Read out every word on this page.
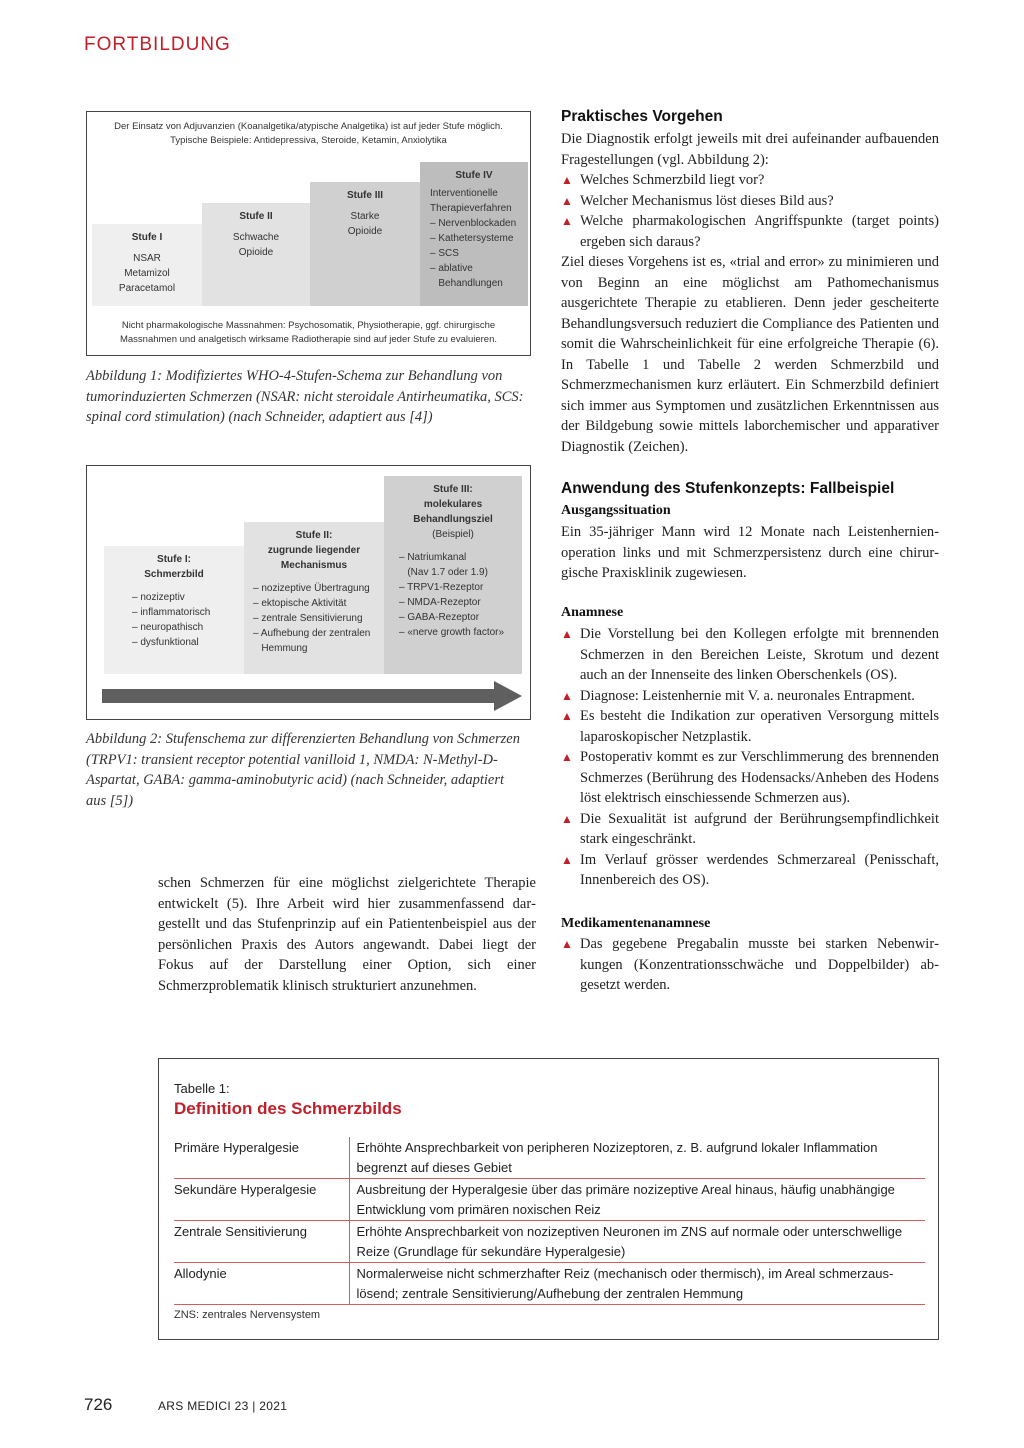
FORTBILDUNG
Der Einsatz von Adjuvanzien (Koanalgetika/atypische Analgetika) ist auf jeder Stufe möglich.
Typische Beispiele: Antidepressiva, Steroide, Ketamin, Anxiolytika
Stufe I
NSAR
Metamizol
Paracetamol
Stufe II
Schwache
Opioide
Stufe III
Starke
Opioide
Stufe IV
Interventionelle
Therapieverfahren
– Nervenblockaden
– Kathetersysteme
– SCS
– ablative
Behandlungen
Nicht pharmakologische Massnahmen: Psychosomatik, Physiotherapie, ggf. chirurgische
Massnahmen und analgetisch wirksame Radiotherapie sind auf jeder Stufe zu evaluieren.
Abbildung 1: Modifiziertes WHO-4-Stufen-Schema zur Behandlung von tumorinduzierten Schmerzen (NSAR: nicht steroidale Antirheumatika, SCS: spinal cord stimulation) (nach Schneider, adaptiert aus [4])
Stufe I:
Schmerzbild
– nozizeptiv
– inflammatorisch
– neuropathisch
– dysfunktional
Stufe II:
zugrunde liegender
Mechanismus
– nozizeptive Übertragung
– ektopische Aktivität
– zentrale Sensitivierung
– Aufhebung der zentralen
Hemmung
Stufe III:
molekulares
Behandlungsziel
(Beispiel)
– Natriumkanal
(Nav 1.7 oder 1.9)
– TRPV1-Rezeptor
– NMDA-Rezeptor
– GABA-Rezeptor
– «nerve growth factor»
Abbildung 2: Stufenschema zur differenzierten Behandlung von Schmerzen (TRPV1: transient receptor potential vanilloid 1, NMDA: N-Methyl-D-Aspartat, GABA: gamma-aminobutyric acid) (nach Schneider, adaptiert aus [5])
schen Schmerzen für eine möglichst zielgerichtete Therapie entwickelt (5). Ihre Arbeit wird hier zusammenfassend dargestellt und das Stufenprinzip auf ein Patientenbeispiel aus der persönlichen Praxis des Autors angewandt. Dabei liegt der Fokus auf der Darstellung einer Option, sich einer Schmerzproblematik klinisch strukturiert anzunehmen.
Praktisches Vorgehen
Die Diagnostik erfolgt jeweils mit drei aufeinander aufbauenden Fragestellungen (vgl. Abbildung 2):
▲ Welches Schmerzbild liegt vor?
▲ Welcher Mechanismus löst dieses Bild aus?
▲ Welche pharmakologischen Angriffspunkte (target points) ergeben sich daraus?
Ziel dieses Vorgehens ist es, «trial and error» zu minimieren und von Beginn an eine möglichst am Pathomechanismus ausgerichtete Therapie zu etablieren. Denn jeder gescheiterte Behandlungsversuch reduziert die Compliance des Patienten und somit die Wahrscheinlichkeit für eine erfolgreiche Therapie (6). In Tabelle 1 und Tabelle 2 werden Schmerzbild und Schmerzmechanismen kurz erläutert. Ein Schmerzbild definiert sich immer aus Symptomen und zusätzlichen Erkenntnissen aus der Bildgebung sowie mittels laborchemischer und apparativer Diagnostik (Zeichen).
Anwendung des Stufenkonzepts: Fallbeispiel
Ausgangssituation
Ein 35-jähriger Mann wird 12 Monate nach Leistenhernienoperation links und mit Schmerzpersistenz durch eine chirurgische Praxisklinik zugewiesen.
Anamnese
▲ Die Vorstellung bei den Kollegen erfolgte mit brennenden Schmerzen in den Bereichen Leiste, Skrotum und dezent auch an der Innenseite des linken Oberschenkels (OS).
▲ Diagnose: Leistenhernie mit V. a. neuronales Entrapment.
▲ Es besteht die Indikation zur operativen Versorgung mittels laparoskopischer Netzplastik.
▲ Postoperativ kommt es zur Verschlimmerung des brennenden Schmerzes (Berührung des Hodensacks/Anheben des Hodens löst elektrisch einschiessende Schmerzen aus).
▲ Die Sexualität ist aufgrund der Berührungsempfindlichkeit stark eingeschränkt.
▲ Im Verlauf grösser werdendes Schmerzareal (Penisschaft, Innenbereich des OS).
Medikamentenanamnese
▲ Das gegebene Pregabalin musste bei starken Nebenwirkungen (Konzentrationsschwäche und Doppelbilder) abgesetzt werden.
Tabelle 1:
Definition des Schmerzbilds
Primäre Hyperalgesie	Erhöhte Ansprechbarkeit von peripheren Nozizeptoren, z. B. aufgrund lokaler Inflammation begrenzt auf dieses Gebiet
Sekundäre Hyperalgesie	Ausbreitung der Hyperalgesie über das primäre nozizeptive Areal hinaus, häufig unabhängige Entwicklung vom primären noxischen Reiz
Zentrale Sensitivierung	Erhöhte Ansprechbarkeit von nozizeptiven Neuronen im ZNS auf normale oder unterschwellige Reize (Grundlage für sekundäre Hyperalgesie)
Allodynie	Normalerweise nicht schmerzhafter Reiz (mechanisch oder thermisch), im Areal schmerzauslösend; zentrale Sensitivierung/Aufhebung der zentralen Hemmung
ZNS: zentrales Nervensystem
726	ARS MEDICI 23 | 2021
